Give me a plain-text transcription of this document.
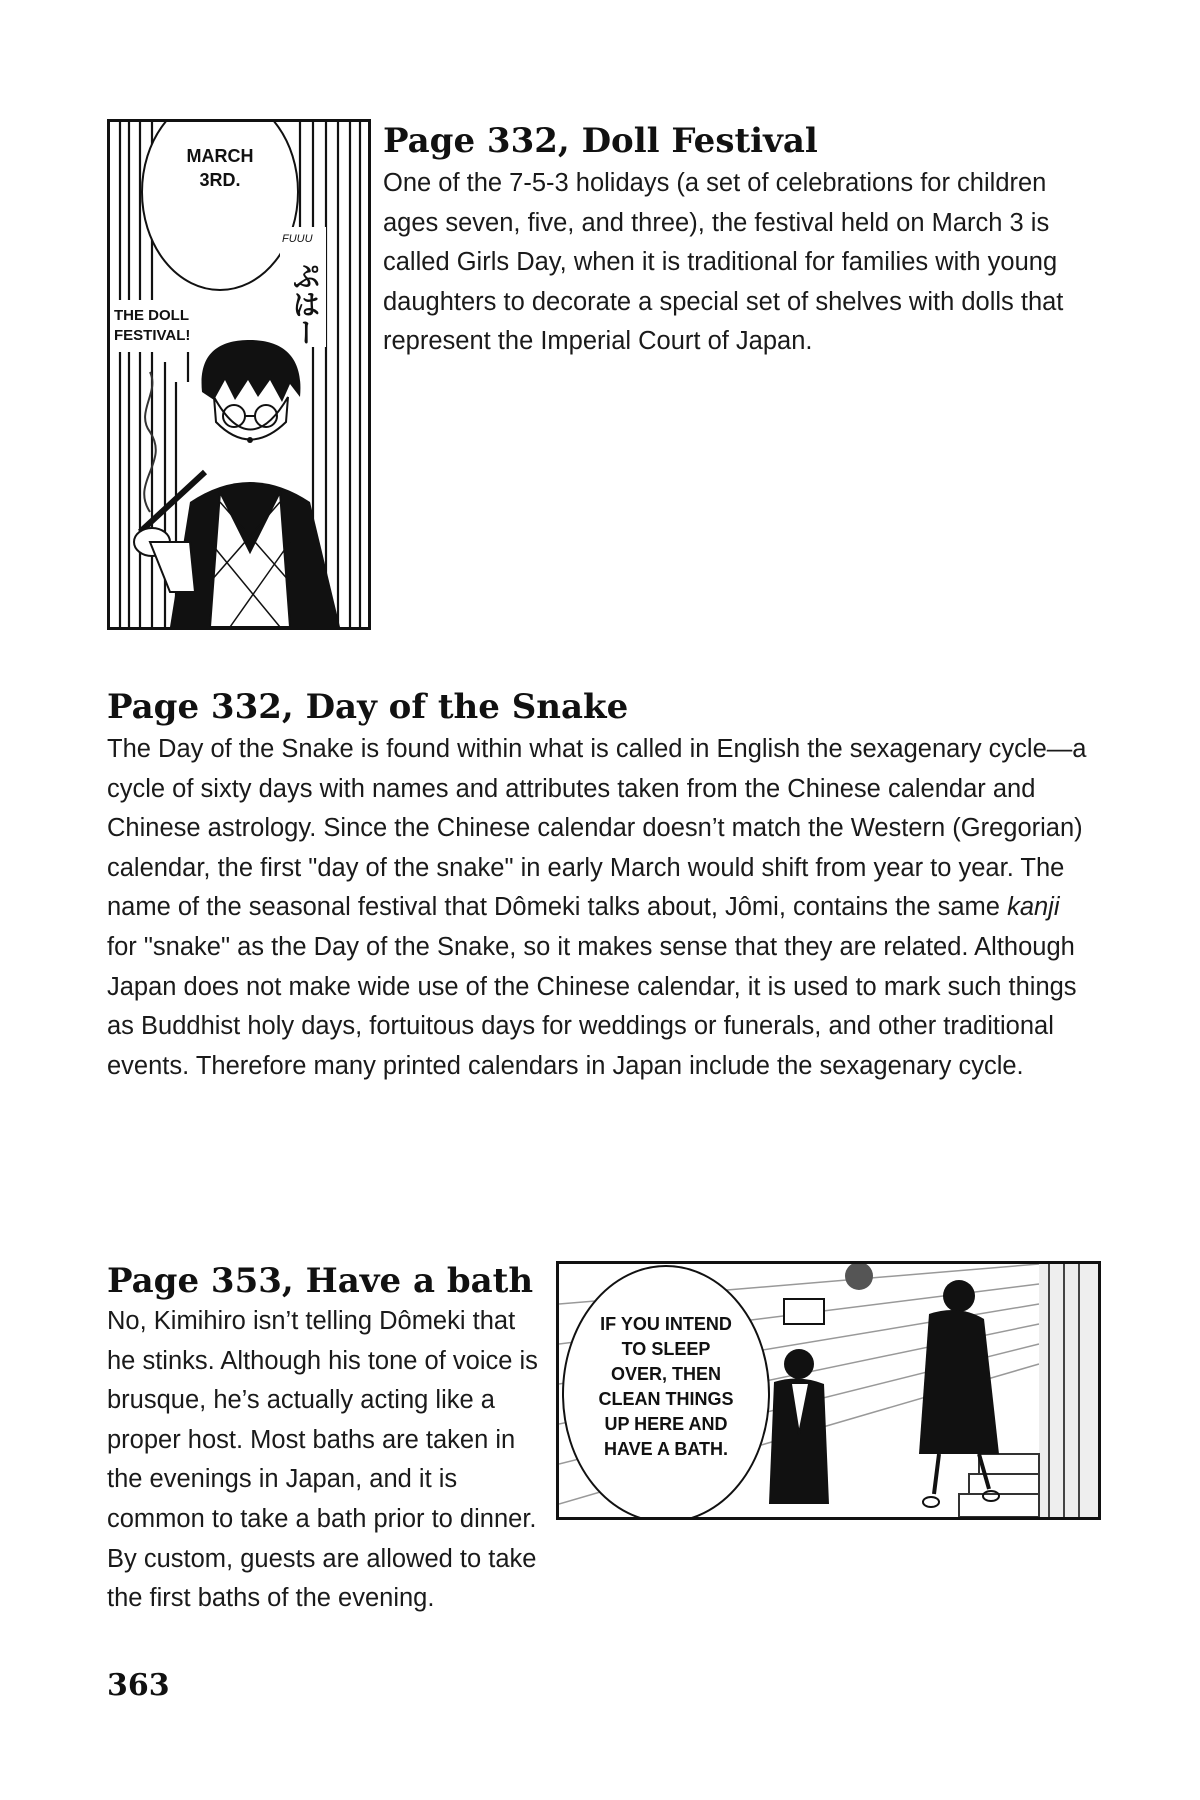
Page 332, Doll Festival

One of the 7-5-3 holidays (a set of celebrations for children ages seven, five, and three), the festival held on March 3 is called Girls Day, when it is traditional for families with young daughters to decorate a special set of shelves with dolls that represent the Imperial Court of Japan.

MARCH
3RD.
THE DOLL
FESTIVAL!
FUUU
ぷはー
Page 332, Day of the Snake

The Day of the Snake is found within what is called in English the sexagenary cycle—a cycle of sixty days with names and attributes taken from the Chinese calendar and Chinese astrology. Since the Chinese calendar doesn’t match the Western (Gregorian) calendar, the first "day of the snake" in early March would shift from year to year. The name of the seasonal festival that Dômeki talks about, Jômi, contains the same kanji for "snake" as the Day of the Snake, so it makes sense that they are related. Although Japan does not make wide use of the Chinese calendar, it is used to mark such things as Buddhist holy days, fortuitous days for weddings or funerals, and other traditional events. Therefore many printed calendars in Japan include the sexagenary cycle.

Page 353, Have a bath

No, Kimihiro isn’t telling Dômeki that he stinks. Although his tone of voice is brusque, he’s actually acting like a proper host. Most baths are taken in the evenings in Japan, and it is common to take a bath prior to dinner. By custom, guests are allowed to take the first baths of the evening.

IF YOU INTEND
TO SLEEP
OVER, THEN
CLEAN THINGS
UP HERE AND
HAVE A BATH.

363
